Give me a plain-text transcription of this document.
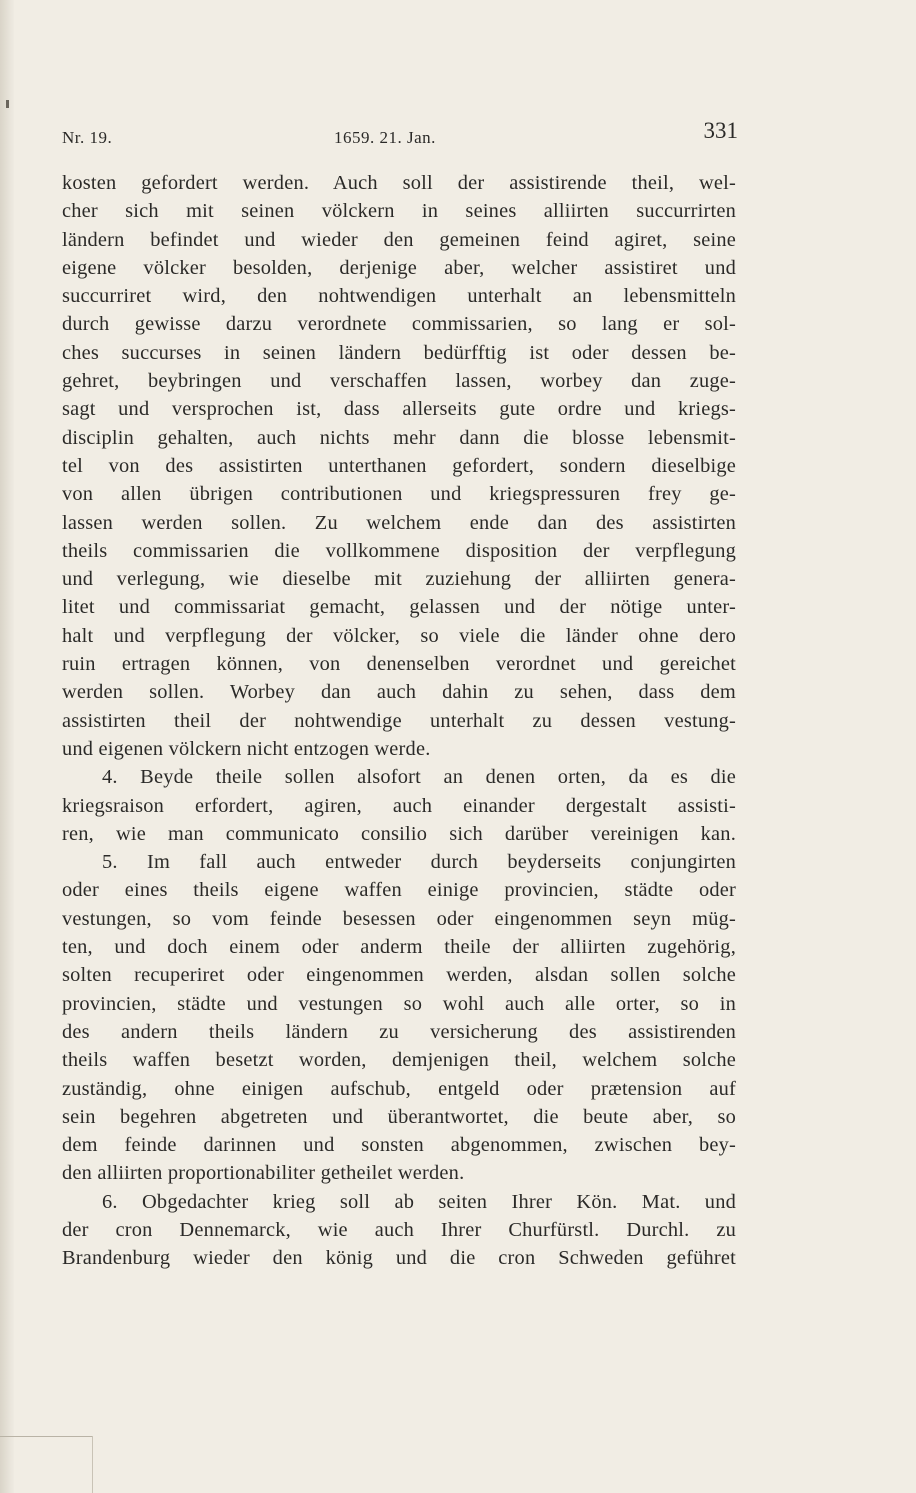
Nr. 19.	1659. 21. Jan.	331
kosten gefordert werden. Auch soll der assistirende theil, wel-
cher sich mit seinen völckern in seines alliirten succurrirten
ländern befindet und wieder den gemeinen feind agiret, seine
eigene völcker besolden, derjenige aber, welcher assistiret und
succurriret wird, den nohtwendigen unterhalt an lebensmitteln
durch gewisse darzu verordnete commissarien, so lang er sol-
ches succurses in seinen ländern bedürfftig ist oder dessen be-
gehret, beybringen und verschaffen lassen, worbey dan zuge-
sagt und versprochen ist, dass allerseits gute ordre und kriegs-
disciplin gehalten, auch nichts mehr dann die blosse lebensmit-
tel von des assistirten unterthanen gefordert, sondern dieselbige
von allen übrigen contributionen und kriegspressuren frey ge-
lassen werden sollen. Zu welchem ende dan des assistirten
theils commissarien die vollkommene disposition der verpflegung
und verlegung, wie dieselbe mit zuziehung der alliirten genera-
litet und commissariat gemacht, gelassen und der nötige unter-
halt und verpflegung der völcker, so viele die länder ohne dero
ruin ertragen können, von denenselben verordnet und gereichet
werden sollen. Worbey dan auch dahin zu sehen, dass dem
assistirten theil der nohtwendige unterhalt zu dessen vestung-
und eigenen völckern nicht entzogen werde.
4. Beyde theile sollen alsofort an denen orten, da es die
kriegsraison erfordert, agiren, auch einander dergestalt assisti-
ren, wie man communicato consilio sich darüber vereinigen kan.
5. Im fall auch entweder durch beyderseits conjungirten
oder eines theils eigene waffen einige provincien, städte oder
vestungen, so vom feinde besessen oder eingenommen seyn müg-
ten, und doch einem oder anderm theile der alliirten zugehörig,
solten recuperiret oder eingenommen werden, alsdan sollen solche
provincien, städte und vestungen so wohl auch alle orter, so in
des andern theils ländern zu versicherung des assistirenden
theils waffen besetzt worden, demjenigen theil, welchem solche
zuständig, ohne einigen aufschub, entgeld oder prætension auf
sein begehren abgetreten und überantwortet, die beute aber, so
dem feinde darinnen und sonsten abgenommen, zwischen bey-
den alliirten proportionabiliter getheilet werden.
6. Obgedachter krieg soll ab seiten Ihrer Kön. Mat. und
der cron Dennemarck, wie auch Ihrer Churfürstl. Durchl. zu
Brandenburg wieder den könig und die cron Schweden geführet
